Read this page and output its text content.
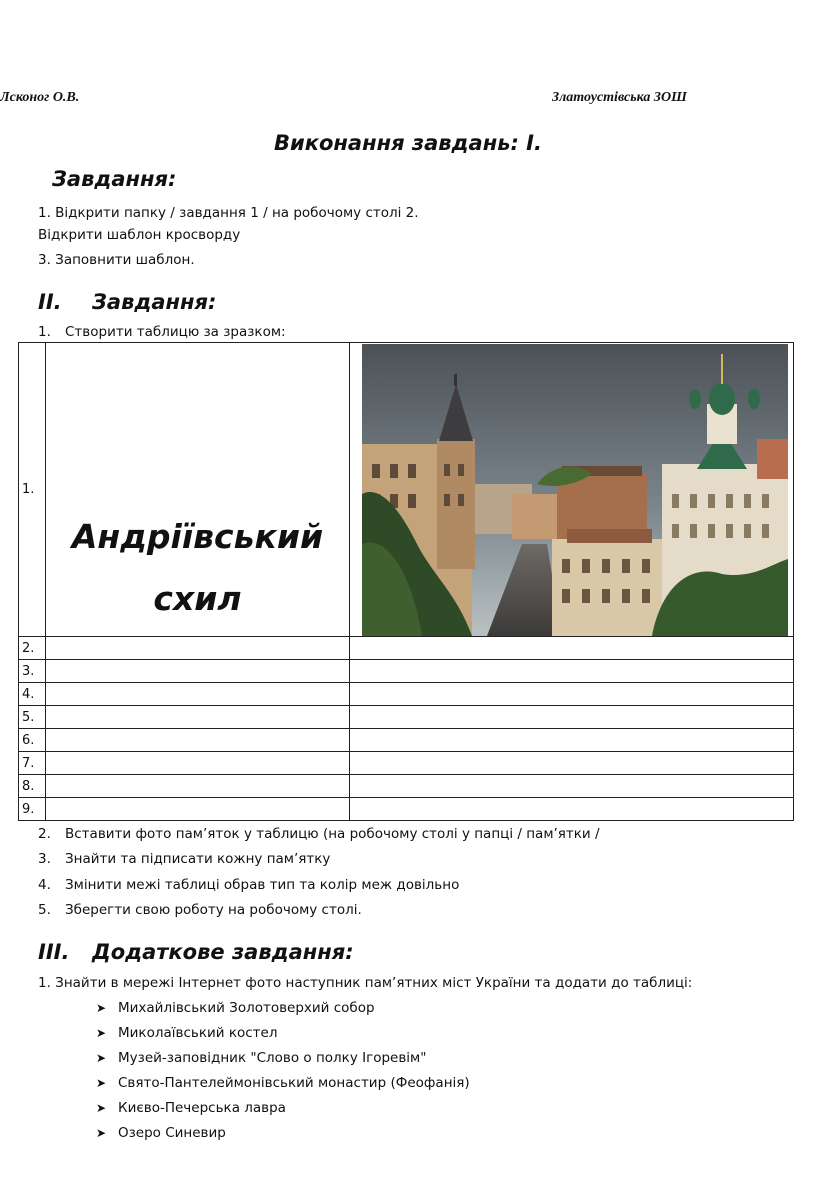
Лсконог О.В.	Златоустівська ЗОШ
Виконання завдань: І.
Завдання:
1. Відкрити папку / завдання 1 / на робочому столі 2.
Відкрити шаблон кросворду
3. Заповнити шаблон.
II. Завдання:
1. Створити таблицю за зразком:
1.	Андріївський
схил

2.		
3.		
4.		
5.		
6.		
7.		
8.		
9.		
2. Вставити фото пам’яток у таблицю (на робочому столі у папці / пам’ятки /
3. Знайти та підписати кожну пам’ятку
4. Змінити межі таблиці обрав тип та колір меж довільно
5. Зберегти свою роботу на робочому столі.
III. Додаткове завдання:
1. Знайти в мережі Інтернет фото наступник пам’ятних міст України та додати до таблиці:
➤ Михайлівський Золотоверхий собор
➤ Миколаївський костел
➤ Музей-заповідник "Слово о полку Ігоревім"
➤ Свято-Пантелеймонівський монастир (Феофанія)
➤ Києво-Печерська лавра
➤ Озеро Синевир
